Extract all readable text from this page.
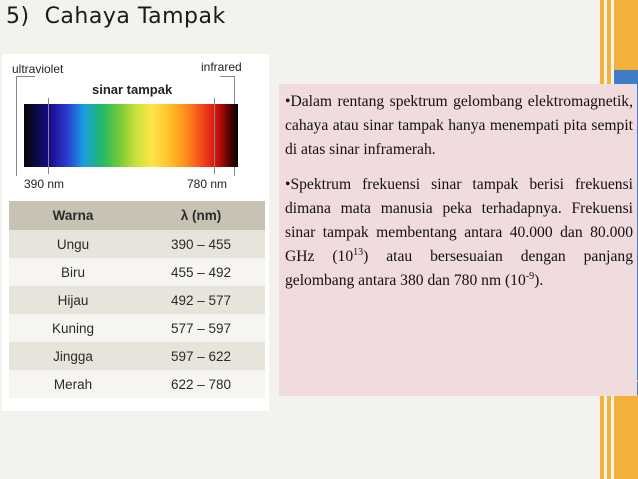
5)  Cahaya Tampak
ultraviolet	infrared
sinar tampak
390 nm	780 nm
Warna	λ (nm)
Ungu	390 – 455
Biru	455 – 492
Hijau	492 – 577
Kuning	577 – 597
Jingga	597 – 622
Merah	622 – 780

•Dalam rentang spektrum gelombang elektromagnetik, cahaya atau sinar tampak hanya menempati pita sempit di atas sinar inframerah.

•Spektrum frekuensi sinar tampak berisi frekuensi dimana mata manusia peka terhadapnya. Frekuensi sinar tampak membentang antara 40.000 dan 80.000 GHz $(10^{13})$ atau bersesuaian dengan panjang gelombang antara 380 dan 780 nm $(10^{-9})$.
